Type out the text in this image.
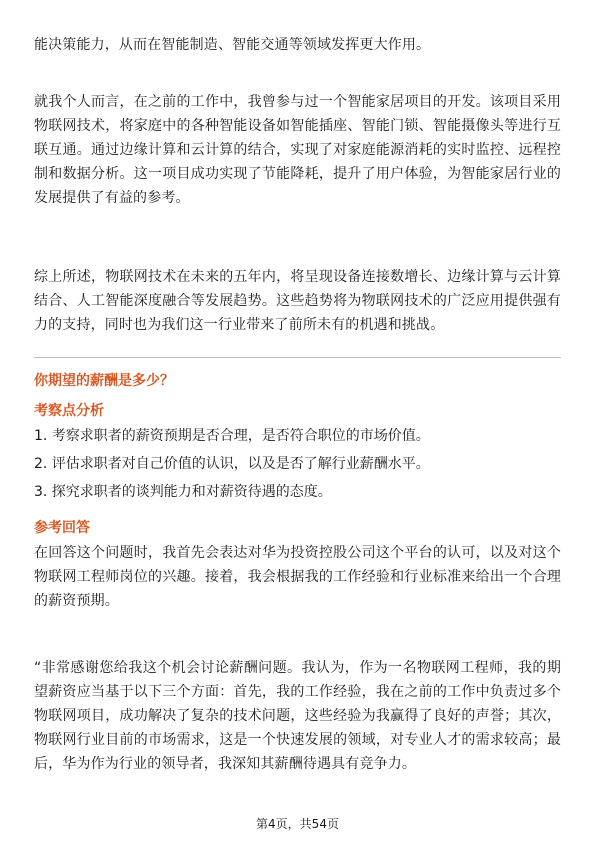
能决策能力，从而在智能制造、智能交通等领域发挥更大作用。

就我个人而言，在之前的工作中，我曾参与过一个智能家居项目的开发。该项目采用物联网技术，将家庭中的各种智能设备如智能插座、智能门锁、智能摄像头等进行互联互通。通过边缘计算和云计算的结合，实现了对家庭能源消耗的实时监控、远程控制和数据分析。这一项目成功实现了节能降耗，提升了用户体验，为智能家居行业的发展提供了有益的参考。

综上所述，物联网技术在未来的五年内，将呈现设备连接数增长、边缘计算与云计算结合、人工智能深度融合等发展趋势。这些趋势将为物联网技术的广泛应用提供强有力的支持，同时也为我们这一行业带来了前所未有的机遇和挑战。

你期望的薪酬是多少？

考察点分析

1. 考察求职者的薪资预期是否合理，是否符合职位的市场价值。
2. 评估求职者对自己价值的认识，以及是否了解行业薪酬水平。
3. 探究求职者的谈判能力和对薪资待遇的态度。

参考回答

在回答这个问题时，我首先会表达对华为投资控股公司这个平台的认可，以及对这个物联网工程师岗位的兴趣。接着，我会根据我的工作经验和行业标准来给出一个合理的薪资预期。

“非常感谢您给我这个机会讨论薪酬问题。我认为，作为一名物联网工程师，我的期望薪资应当基于以下三个方面：首先，我的工作经验，我在之前的工作中负责过多个物联网项目，成功解决了复杂的技术问题，这些经验为我赢得了良好的声誉；其次，物联网行业目前的市场需求，这是一个快速发展的领域，对专业人才的需求较高；最后，华为作为行业的领导者，我深知其薪酬待遇具有竞争力。

第4页，共54页
